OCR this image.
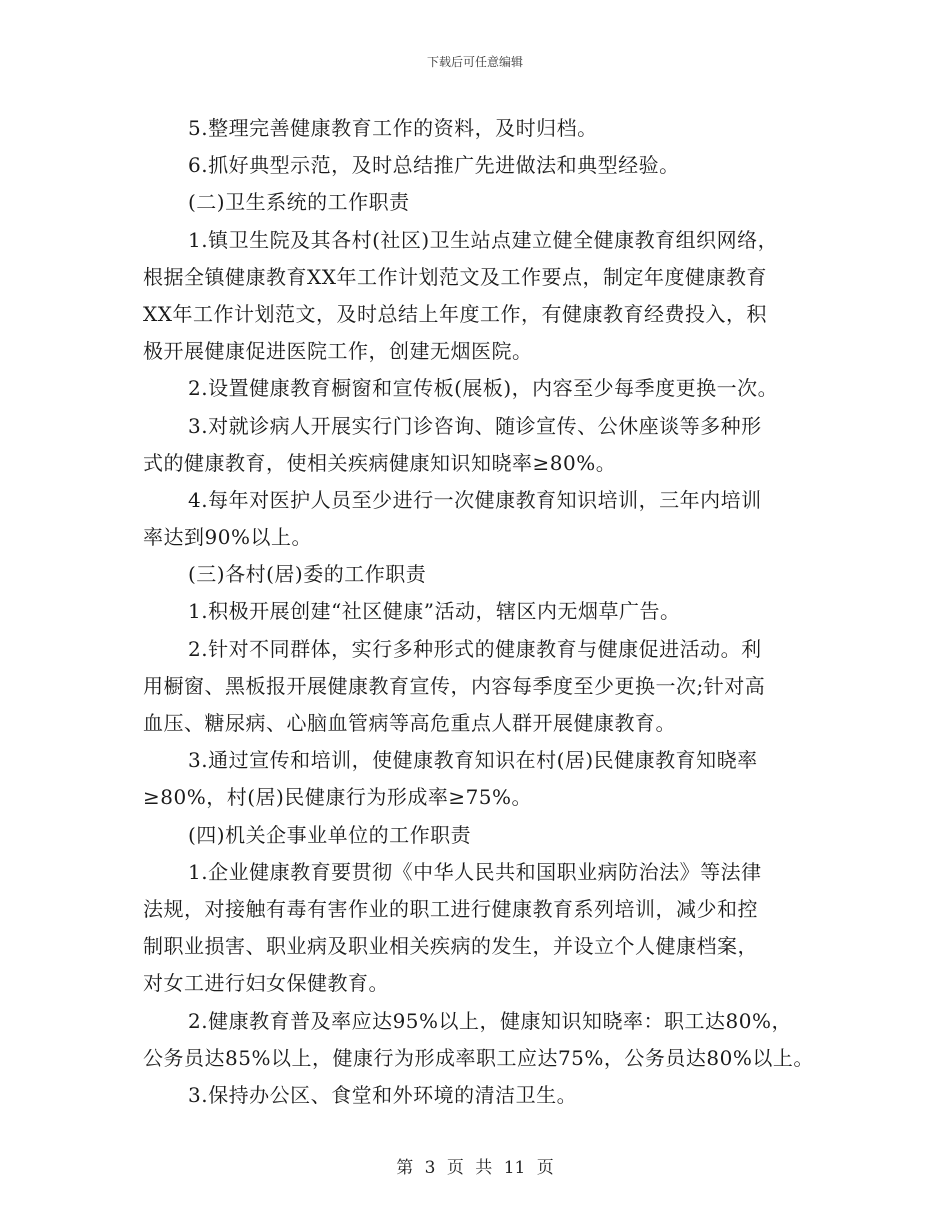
下载后可任意编辑
5.整理完善健康教育工作的资料，及时归档。
6.抓好典型示范，及时总结推广先进做法和典型经验。
(二)卫生系统的工作职责
1.镇卫生院及其各村(社区)卫生站点建立健全健康教育组织网络，
根据全镇健康教育XX年工作计划范文及工作要点，制定年度健康教育
XX年工作计划范文，及时总结上年度工作，有健康教育经费投入，积
极开展健康促进医院工作，创建无烟医院。
2.设置健康教育橱窗和宣传板(展板)，内容至少每季度更换一次。
3.对就诊病人开展实行门诊咨询、随诊宣传、公休座谈等多种形
式的健康教育，使相关疾病健康知识知晓率≥80%。
4.每年对医护人员至少进行一次健康教育知识培训，三年内培训
率达到90%以上。
(三)各村(居)委的工作职责
1.积极开展创建“社区健康”活动，辖区内无烟草广告。
2.针对不同群体，实行多种形式的健康教育与健康促进活动。利
用橱窗、黑板报开展健康教育宣传，内容每季度至少更换一次;针对高
血压、糖尿病、心脑血管病等高危重点人群开展健康教育。
3.通过宣传和培训，使健康教育知识在村(居)民健康教育知晓率
≥80%，村(居)民健康行为形成率≥75%。
(四)机关企事业单位的工作职责
1.企业健康教育要贯彻《中华人民共和国职业病防治法》等法律
法规，对接触有毒有害作业的职工进行健康教育系列培训，减少和控
制职业损害、职业病及职业相关疾病的发生，并设立个人健康档案，
对女工进行妇女保健教育。
2.健康教育普及率应达95%以上，健康知识知晓率：职工达80%，
公务员达85%以上，健康行为形成率职工应达75%，公务员达80%以上。
3.保持办公区、食堂和外环境的清洁卫生。
第 3 页 共 11 页
